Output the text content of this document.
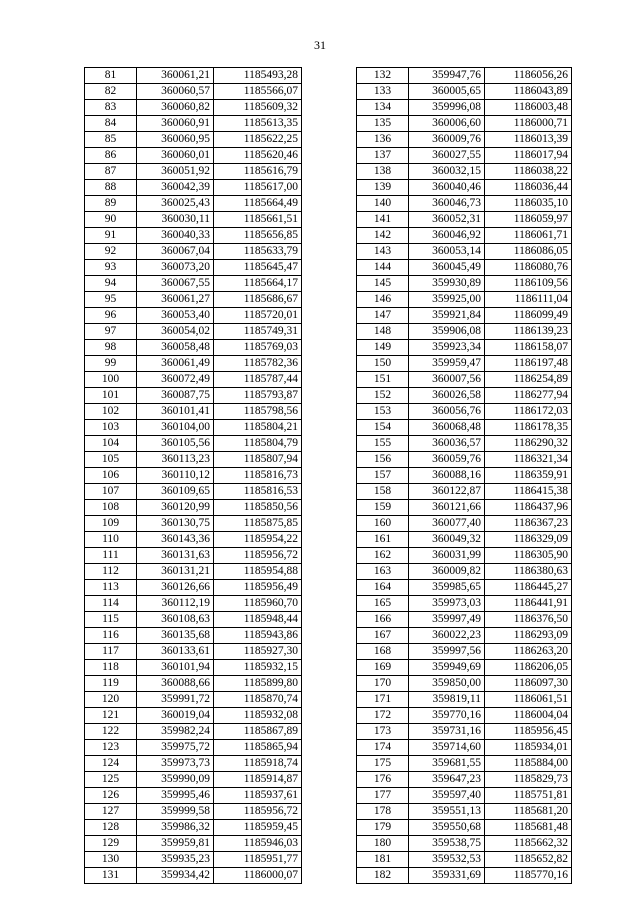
31
81	360061,21	1185493,28
82	360060,57	1185566,07
83	360060,82	1185609,32
84	360060,91	1185613,35
85	360060,95	1185622,25
86	360060,01	1185620,46
87	360051,92	1185616,79
88	360042,39	1185617,00
89	360025,43	1185664,49
90	360030,11	1185661,51
91	360040,33	1185656,85
92	360067,04	1185633,79
93	360073,20	1185645,47
94	360067,55	1185664,17
95	360061,27	1185686,67
96	360053,40	1185720,01
97	360054,02	1185749,31
98	360058,48	1185769,03
99	360061,49	1185782,36
100	360072,49	1185787,44
101	360087,75	1185793,87
102	360101,41	1185798,56
103	360104,00	1185804,21
104	360105,56	1185804,79
105	360113,23	1185807,94
106	360110,12	1185816,73
107	360109,65	1185816,53
108	360120,99	1185850,56
109	360130,75	1185875,85
110	360143,36	1185954,22
111	360131,63	1185956,72
112	360131,21	1185954,88
113	360126,66	1185956,49
114	360112,19	1185960,70
115	360108,63	1185948,44
116	360135,68	1185943,86
117	360133,61	1185927,30
118	360101,94	1185932,15
119	360088,66	1185899,80
120	359991,72	1185870,74
121	360019,04	1185932,08
122	359982,24	1185867,89
123	359975,72	1185865,94
124	359973,73	1185918,74
125	359990,09	1185914,87
126	359995,46	1185937,61
127	359999,58	1185956,72
128	359986,32	1185959,45
129	359959,81	1185946,03
130	359935,23	1185951,77
131	359934,42	1186000,07
132	359947,76	1186056,26
133	360005,65	1186043,89
134	359996,08	1186003,48
135	360006,60	1186000,71
136	360009,76	1186013,39
137	360027,55	1186017,94
138	360032,15	1186038,22
139	360040,46	1186036,44
140	360046,73	1186035,10
141	360052,31	1186059,97
142	360046,92	1186061,71
143	360053,14	1186086,05
144	360045,49	1186080,76
145	359930,89	1186109,56
146	359925,00	1186111,04
147	359921,84	1186099,49
148	359906,08	1186139,23
149	359923,34	1186158,07
150	359959,47	1186197,48
151	360007,56	1186254,89
152	360026,58	1186277,94
153	360056,76	1186172,03
154	360068,48	1186178,35
155	360036,57	1186290,32
156	360059,76	1186321,34
157	360088,16	1186359,91
158	360122,87	1186415,38
159	360121,66	1186437,96
160	360077,40	1186367,23
161	360049,32	1186329,09
162	360031,99	1186305,90
163	360009,82	1186380,63
164	359985,65	1186445,27
165	359973,03	1186441,91
166	359997,49	1186376,50
167	360022,23	1186293,09
168	359997,56	1186263,20
169	359949,69	1186206,05
170	359850,00	1186097,30
171	359819,11	1186061,51
172	359770,16	1186004,04
173	359731,16	1185956,45
174	359714,60	1185934,01
175	359681,55	1185884,00
176	359647,23	1185829,73
177	359597,40	1185751,81
178	359551,13	1185681,20
179	359550,68	1185681,48
180	359538,75	1185662,32
181	359532,53	1185652,82
182	359331,69	1185770,16
